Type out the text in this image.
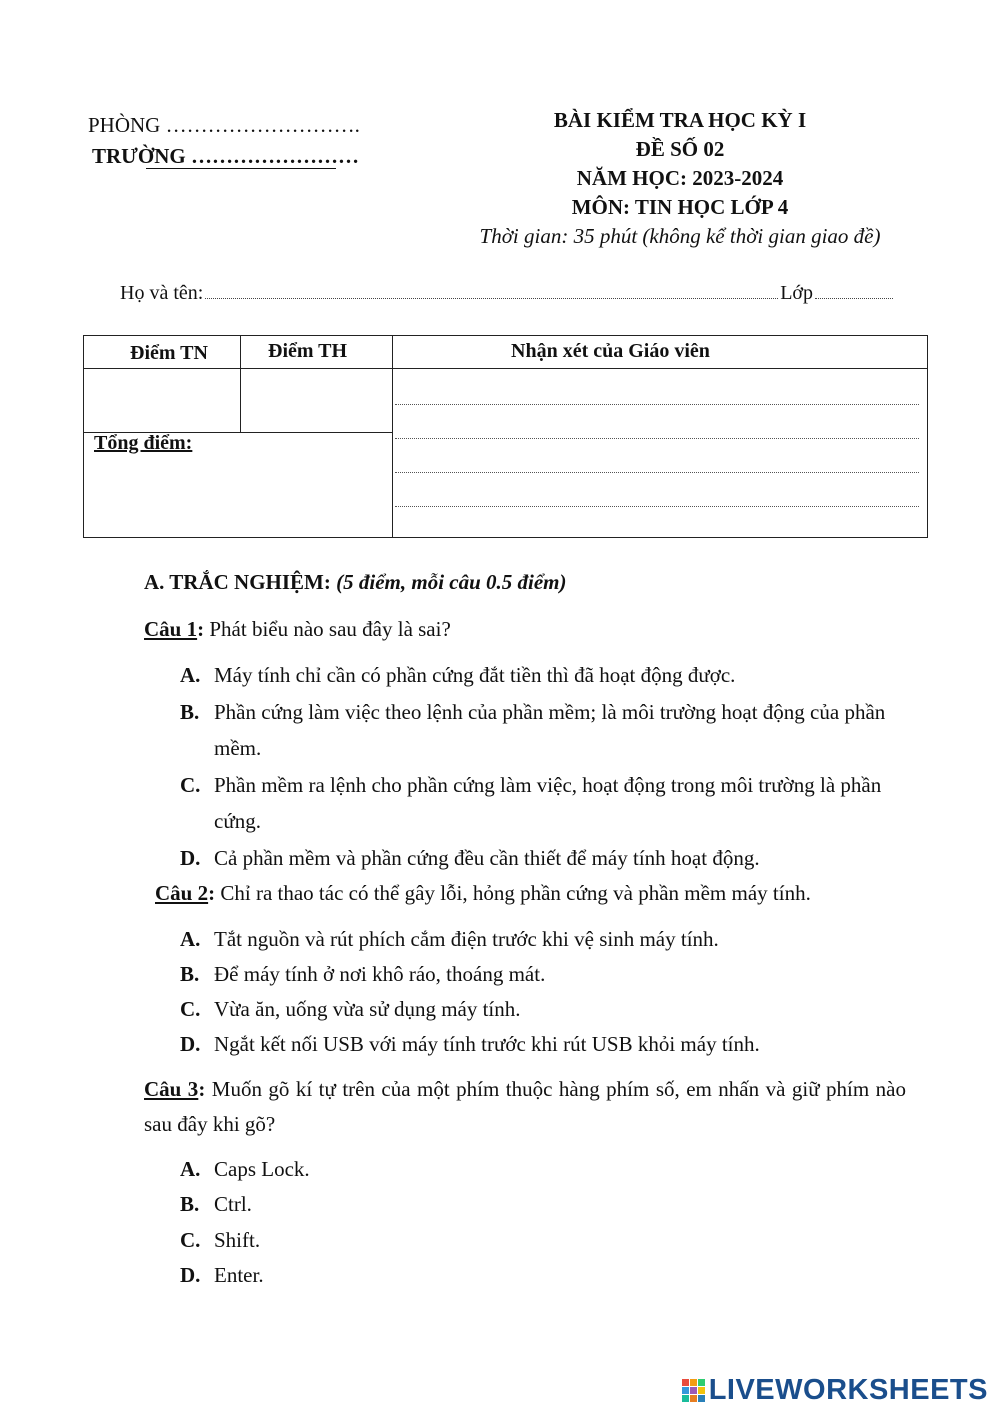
PHÒNG ……………………….
TRƯỜNG ……………………
BÀI KIỂM TRA HỌC KỲ I
ĐỀ SỐ 02
NĂM HỌC: 2023-2024
MÔN: TIN HỌC LỚP 4
Thời gian: 35 phút (không kể thời gian giao đề)
Họ và tên:	Lớp
Điểm TN	Điểm TH	Nhận xét của Giáo viên
Tổng điểm:
A. TRẮC NGHIỆM: (5 điểm, mỗi câu 0.5 điểm)
Câu 1: Phát biểu nào sau đây là sai?
A. Máy tính chỉ cần có phần cứng đắt tiền thì đã hoạt động được.
B. Phần cứng làm việc theo lệnh của phần mềm; là môi trường hoạt động của phần mềm.
C. Phần mềm ra lệnh cho phần cứng làm việc, hoạt động trong môi trường là phần cứng.
D. Cả phần mềm và phần cứng đều cần thiết để máy tính hoạt động.
Câu 2: Chỉ ra thao tác có thể gây lỗi, hỏng phần cứng và phần mềm máy tính.
A. Tắt nguồn và rút phích cắm điện trước khi vệ sinh máy tính.
B. Để máy tính ở nơi khô ráo, thoáng mát.
C. Vừa ăn, uống vừa sử dụng máy tính.
D. Ngắt kết nối USB với máy tính trước khi rút USB khỏi máy tính.
Câu 3: Muốn gõ kí tự trên của một phím thuộc hàng phím số, em nhấn và giữ phím nào sau đây khi gõ?
A. Caps Lock.
B. Ctrl.
C. Shift.
D. Enter.
LIVEWORKSHEETS
